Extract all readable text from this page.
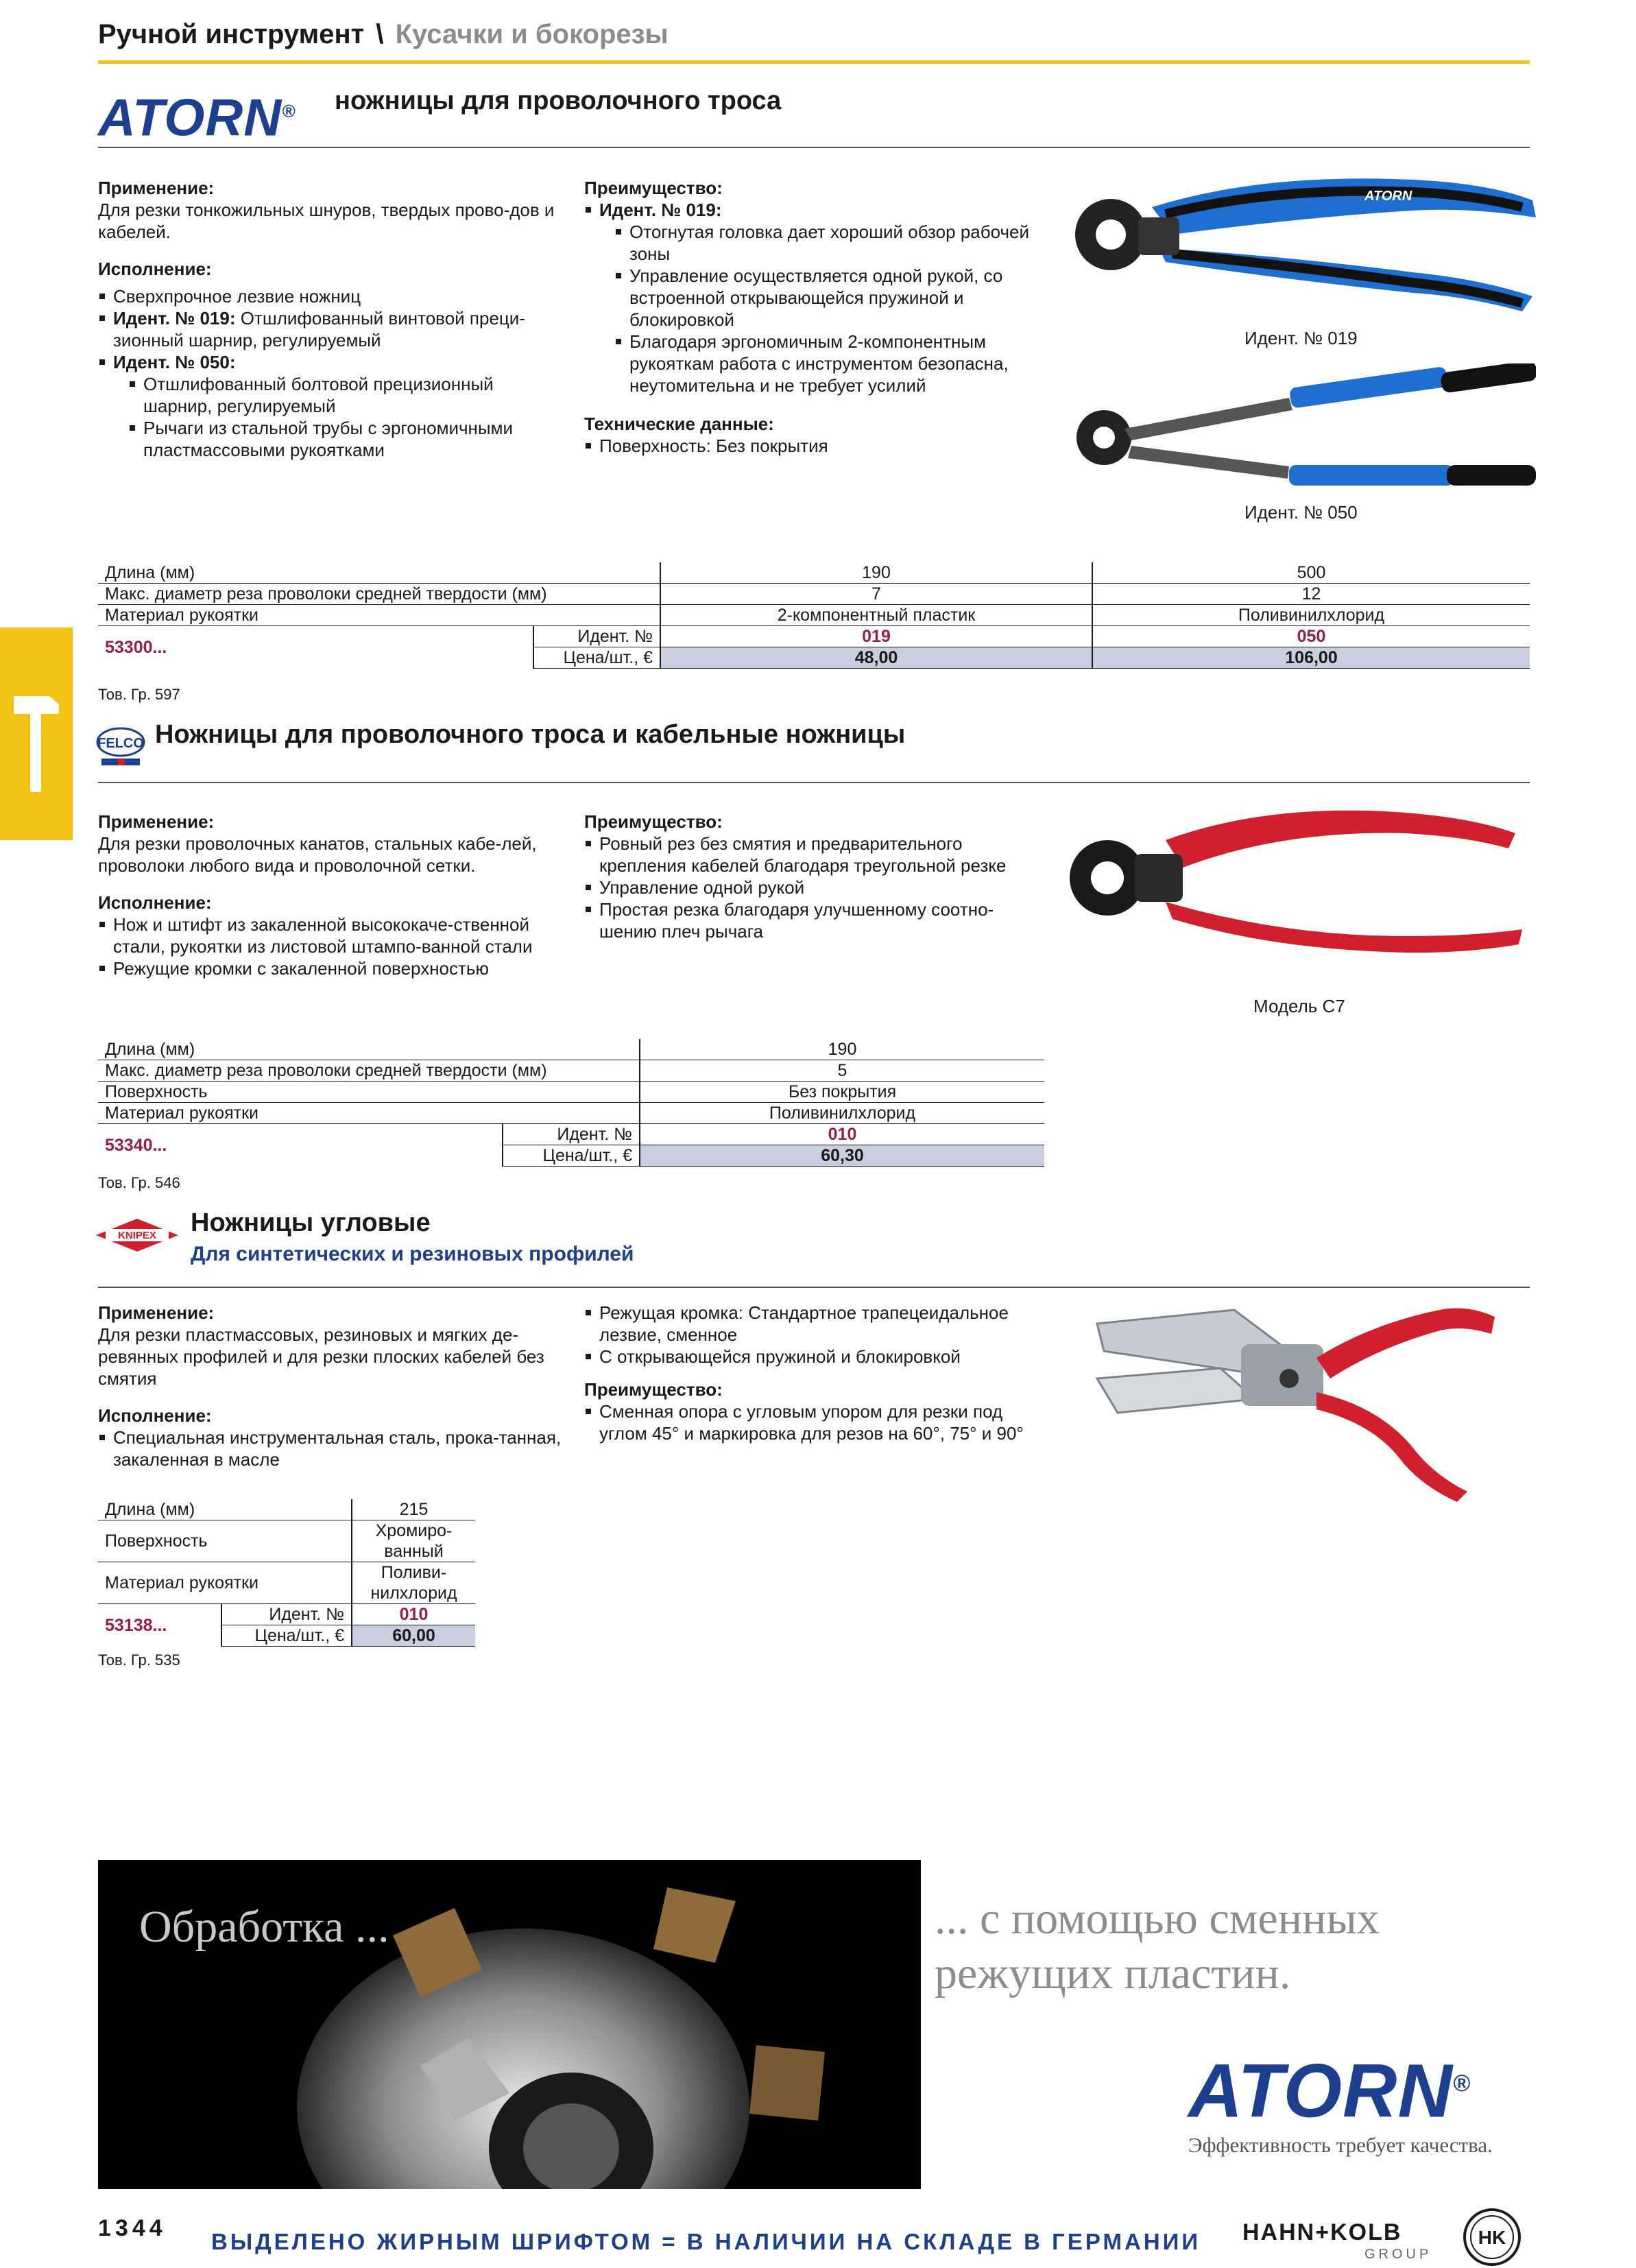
Ручной инструмент \ Кусачки и бокорезы
ATORN® ножницы для проволочного троса
Применение:
Для резки тонкожильных шнуров, твердых прово-дов и кабелей.
Исполнение:
Сверхпрочное лезвие ножниц
Идент. № 019: Отшлифованный винтовой преци-зионный шарнир, регулируемый
Идент. № 050:
Отшлифованный болтовой прецизионный шарнир, регулируемый
Рычаги из стальной трубы с эргономичными пластмассовыми рукоятками
Преимущество:
Идент. № 019:
Отогнутая головка дает хороший обзор рабочей зоны
Управление осуществляется одной рукой, со встроенной открывающейся пружиной и блокировкой
Благодаря эргономичным 2-компонентным рукояткам работа с инструментом безопасна, неутомительна и не требует усилий
Технические данные:
Поверхность: Без покрытия
ATORN
Идент. № 019
Идент. № 050
Длина (мм)		190	500
Макс. диаметр реза проволоки средней твердости (мм)		7	12
Материал рукоятки		2-компонентный пластик	Поливинилхлорид
53300...	Идент. №	019	050
	Цена/шт., €	48,00	106,00
Тов. Гр. 597
FELCO Ножницы для проволочного троса и кабельные ножницы
Применение:
Для резки проволочных канатов, стальных кабе-лей, проволоки любого вида и проволочной сетки.
Исполнение:
Нож и штифт из закаленной высококаче-ственной стали, рукоятки из листовой штампо-ванной стали
Режущие кромки с закаленной поверхностью
Преимущество:
Ровный рез без смятия и предварительного крепления кабелей благодаря треугольной резке
Управление одной рукой
Простая резка благодаря улучшенному соотно-шению плеч рычага
Модель C7
Длина (мм)		190
Макс. диаметр реза проволоки средней твердости (мм)		5
Поверхность		Без покрытия
Материал рукоятки		Поливинилхлорид
53340...	Идент. №	010
	Цена/шт., €	60,30
Тов. Гр. 546
KNIPEX Ножницы угловые
Для синтетических и резиновых профилей
Применение:
Для резки пластмассовых, резиновых и мягких де-ревянных профилей и для резки плоских кабелей без смятия
Исполнение:
Специальная инструментальная сталь, прока-танная, закаленная в масле
Режущая кромка: Стандартное трапецеидальное лезвие, сменное
С открывающейся пружиной и блокировкой
Преимущество:
Сменная опора с угловым упором для резки под углом 45° и маркировка для резов на 60°, 75° и 90°
Длина (мм)		215
Поверхность		Хромиро-ванный
Материал рукоятки		Поливи-нилхлорид
53138...	Идент. №	010
	Цена/шт., €	60,00
Тов. Гр. 535
Обработка ...	... с помощью сменных
режущих пластин.
ATORN®
Эффективность требует качества.
1344
ВЫДЕЛЕНО ЖИРНЫМ ШРИФТОМ = В НАЛИЧИИ НА СКЛАДЕ В ГЕРМАНИИ HAHN+KOLB
GROUP
HK
